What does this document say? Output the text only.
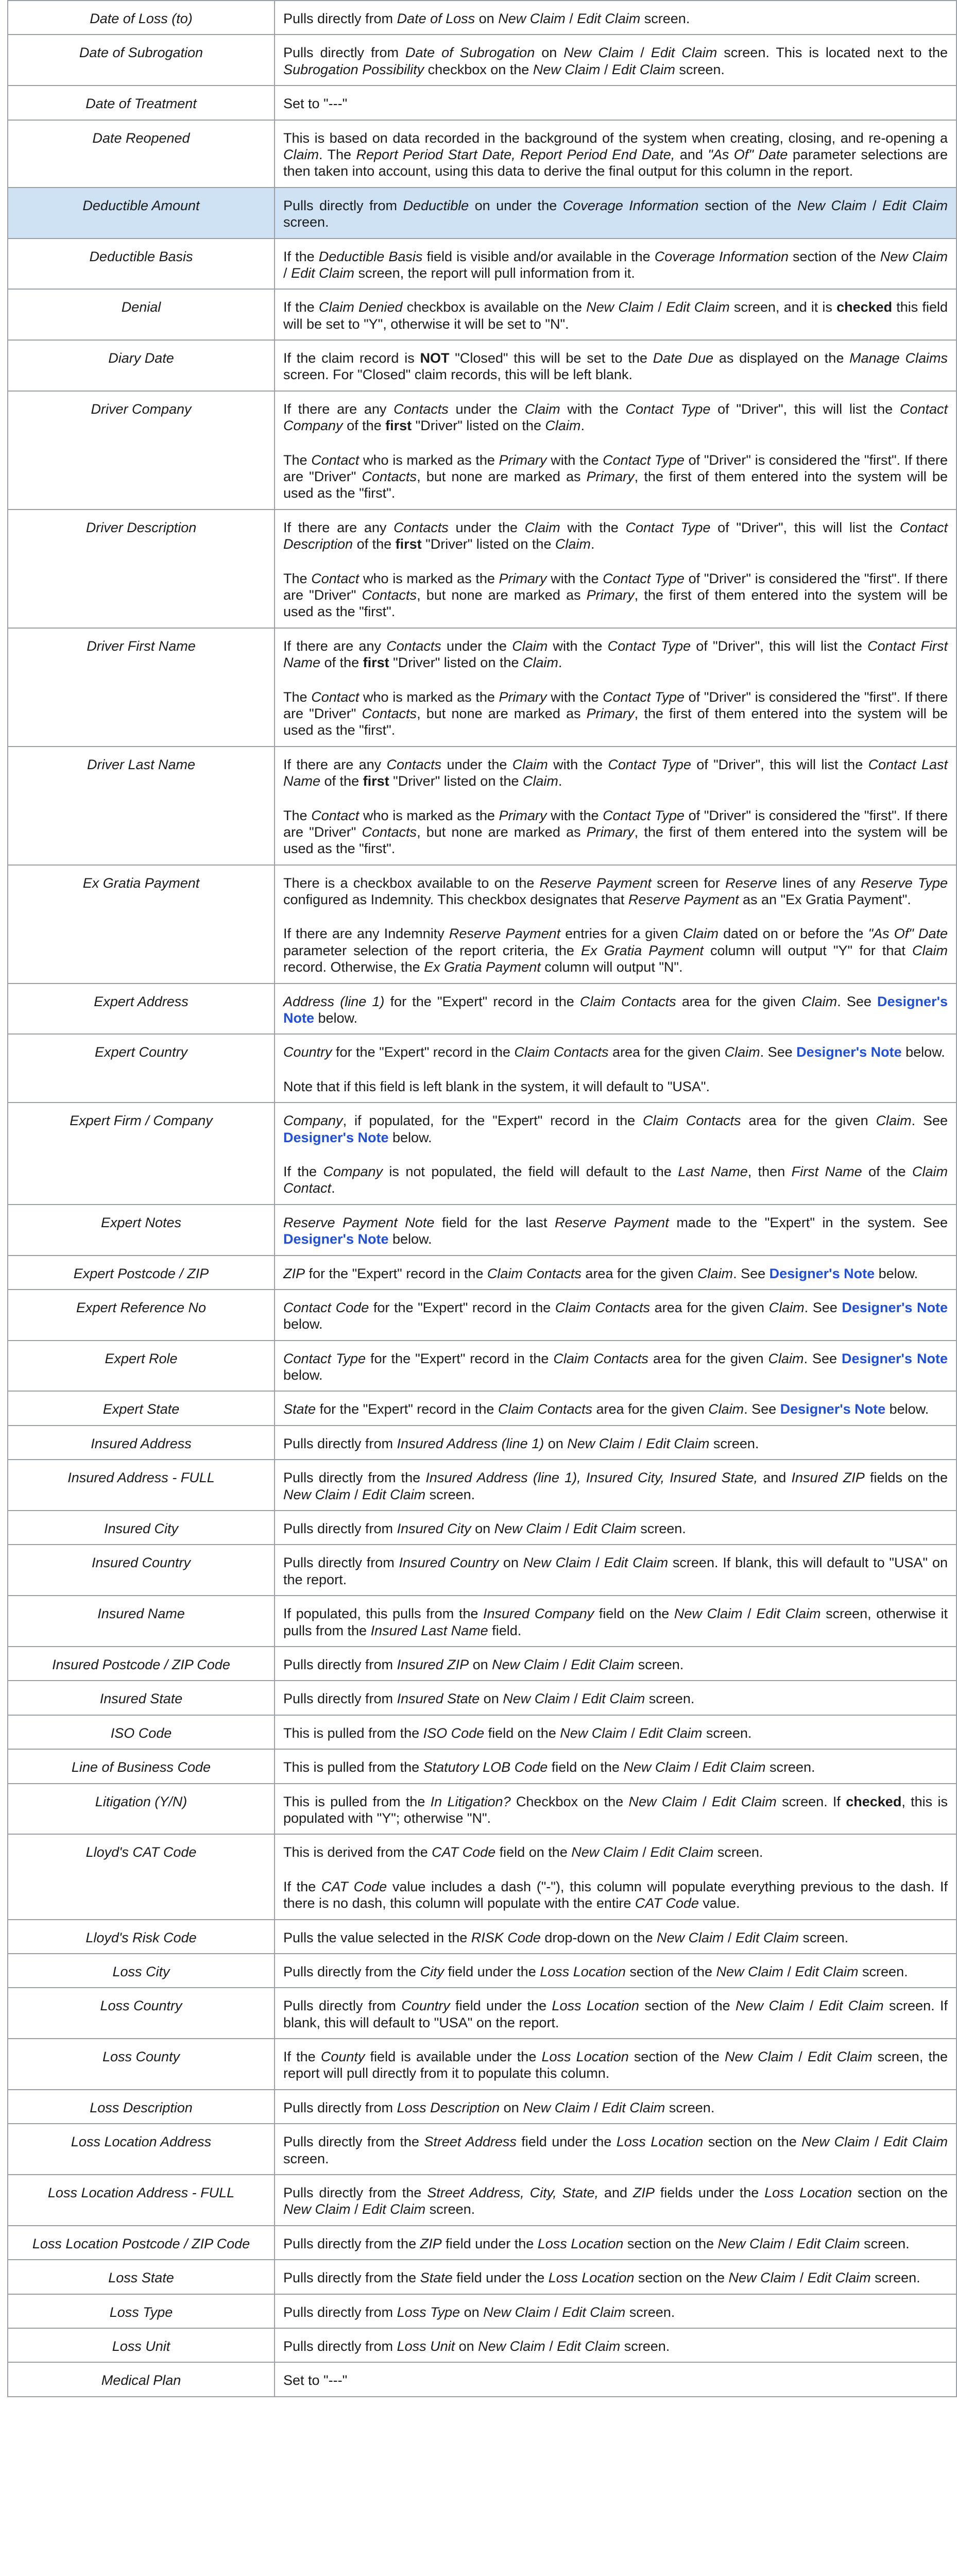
Date of Loss (to)	Pulls directly from Date of Loss on New Claim / Edit Claim screen.

Date of Subrogation	Pulls directly from Date of Subrogation on New Claim / Edit Claim screen. This is located next to the Subrogation Possibility checkbox on the New Claim / Edit Claim screen.

Date of Treatment	Set to "---"

Date Reopened	This is based on data recorded in the background of the system when creating, closing, and re-opening a Claim. The Report Period Start Date, Report Period End Date, and "As Of" Date parameter selections are then taken into account, using this data to derive the final output for this column in the report.

Deductible Amount	Pulls directly from Deductible on under the Coverage Information section of the New Claim / Edit Claim screen.

Deductible Basis	If the Deductible Basis field is visible and/or available in the Coverage Information section of the New Claim / Edit Claim screen, the report will pull information from it.

Denial	If the Claim Denied checkbox is available on the New Claim / Edit Claim screen, and it is checked this field will be set to "Y", otherwise it will be set to "N".

Diary Date	If the claim record is NOT "Closed" this will be set to the Date Due as displayed on the Manage Claims screen. For "Closed" claim records, this will be left blank.

Driver Company	If there are any Contacts under the Claim with the Contact Type of "Driver", this will list the Contact Company of the first "Driver" listed on the Claim.

The Contact who is marked as the Primary with the Contact Type of "Driver" is considered the "first". If there are "Driver" Contacts, but none are marked as Primary, the first of them entered into the system will be used as the "first".

Driver Description	If there are any Contacts under the Claim with the Contact Type of "Driver", this will list the Contact Description of the first "Driver" listed on the Claim.

The Contact who is marked as the Primary with the Contact Type of "Driver" is considered the "first". If there are "Driver" Contacts, but none are marked as Primary, the first of them entered into the system will be used as the "first".

Driver First Name	If there are any Contacts under the Claim with the Contact Type of "Driver", this will list the Contact First Name of the first "Driver" listed on the Claim.

The Contact who is marked as the Primary with the Contact Type of "Driver" is considered the "first". If there are "Driver" Contacts, but none are marked as Primary, the first of them entered into the system will be used as the "first".

Driver Last Name	If there are any Contacts under the Claim with the Contact Type of "Driver", this will list the Contact Last Name of the first "Driver" listed on the Claim.

The Contact who is marked as the Primary with the Contact Type of "Driver" is considered the "first". If there are "Driver" Contacts, but none are marked as Primary, the first of them entered into the system will be used as the "first".

Ex Gratia Payment	There is a checkbox available to on the Reserve Payment screen for Reserve lines of any Reserve Type configured as Indemnity. This checkbox designates that Reserve Payment as an "Ex Gratia Payment".

If there are any Indemnity Reserve Payment entries for a given Claim dated on or before the "As Of" Date parameter selection of the report criteria, the Ex Gratia Payment column will output "Y" for that Claim record. Otherwise, the Ex Gratia Payment column will output "N".

Expert Address	Address (line 1) for the "Expert" record in the Claim Contacts area for the given Claim. See Designer's Note below.

Expert Country	Country for the "Expert" record in the Claim Contacts area for the given Claim. See Designer's Note below.

Note that if this field is left blank in the system, it will default to "USA".

Expert Firm / Company	Company, if populated, for the "Expert" record in the Claim Contacts area for the given Claim. See Designer's Note below.

If the Company is not populated, the field will default to the Last Name, then First Name of the Claim Contact.

Expert Notes	Reserve Payment Note field for the last Reserve Payment made to the "Expert" in the system. See Designer's Note below.

Expert Postcode / ZIP	ZIP for the "Expert" record in the Claim Contacts area for the given Claim. See Designer's Note below.

Expert Reference No	Contact Code for the "Expert" record in the Claim Contacts area for the given Claim. See Designer's Note below.

Expert Role	Contact Type for the "Expert" record in the Claim Contacts area for the given Claim. See Designer's Note below.

Expert State	State for the "Expert" record in the Claim Contacts area for the given Claim. See Designer's Note below.

Insured Address	Pulls directly from Insured Address (line 1) on New Claim / Edit Claim screen.

Insured Address - FULL	Pulls directly from the Insured Address (line 1), Insured City, Insured State, and Insured ZIP fields on the New Claim / Edit Claim screen.

Insured City	Pulls directly from Insured City on New Claim / Edit Claim screen.

Insured Country	Pulls directly from Insured Country on New Claim / Edit Claim screen. If blank, this will default to "USA" on the report.

Insured Name	If populated, this pulls from the Insured Company field on the New Claim / Edit Claim screen, otherwise it pulls from the Insured Last Name field.

Insured Postcode / ZIP Code	Pulls directly from Insured ZIP on New Claim / Edit Claim screen.

Insured State	Pulls directly from Insured State on New Claim / Edit Claim screen.

ISO Code	This is pulled from the ISO Code field on the New Claim / Edit Claim screen.

Line of Business Code	This is pulled from the Statutory LOB Code field on the New Claim / Edit Claim screen.

Litigation (Y/N)	This is pulled from the In Litigation? Checkbox on the New Claim / Edit Claim screen. If checked, this is populated with "Y"; otherwise "N".

Lloyd's CAT Code	This is derived from the CAT Code field on the New Claim / Edit Claim screen.

If the CAT Code value includes a dash ("-"), this column will populate everything previous to the dash. If there is no dash, this column will populate with the entire CAT Code value.

Lloyd's Risk Code	Pulls the value selected in the RISK Code drop-down on the New Claim / Edit Claim screen.

Loss City	Pulls directly from the City field under the Loss Location section of the New Claim / Edit Claim screen.

Loss Country	Pulls directly from Country field under the Loss Location section of the New Claim / Edit Claim screen. If blank, this will default to "USA" on the report.

Loss County	If the County field is available under the Loss Location section of the New Claim / Edit Claim screen, the report will pull directly from it to populate this column.

Loss Description	Pulls directly from Loss Description on New Claim / Edit Claim screen.

Loss Location Address	Pulls directly from the Street Address field under the Loss Location section on the New Claim / Edit Claim screen.

Loss Location Address - FULL	Pulls directly from the Street Address, City, State, and ZIP fields under the Loss Location section on the New Claim / Edit Claim screen.

Loss Location Postcode / ZIP Code	Pulls directly from the ZIP field under the Loss Location section on the New Claim / Edit Claim screen.

Loss State	Pulls directly from the State field under the Loss Location section on the New Claim / Edit Claim screen.

Loss Type	Pulls directly from Loss Type on New Claim / Edit Claim screen.

Loss Unit	Pulls directly from Loss Unit on New Claim / Edit Claim screen.

Medical Plan	Set to "---"
